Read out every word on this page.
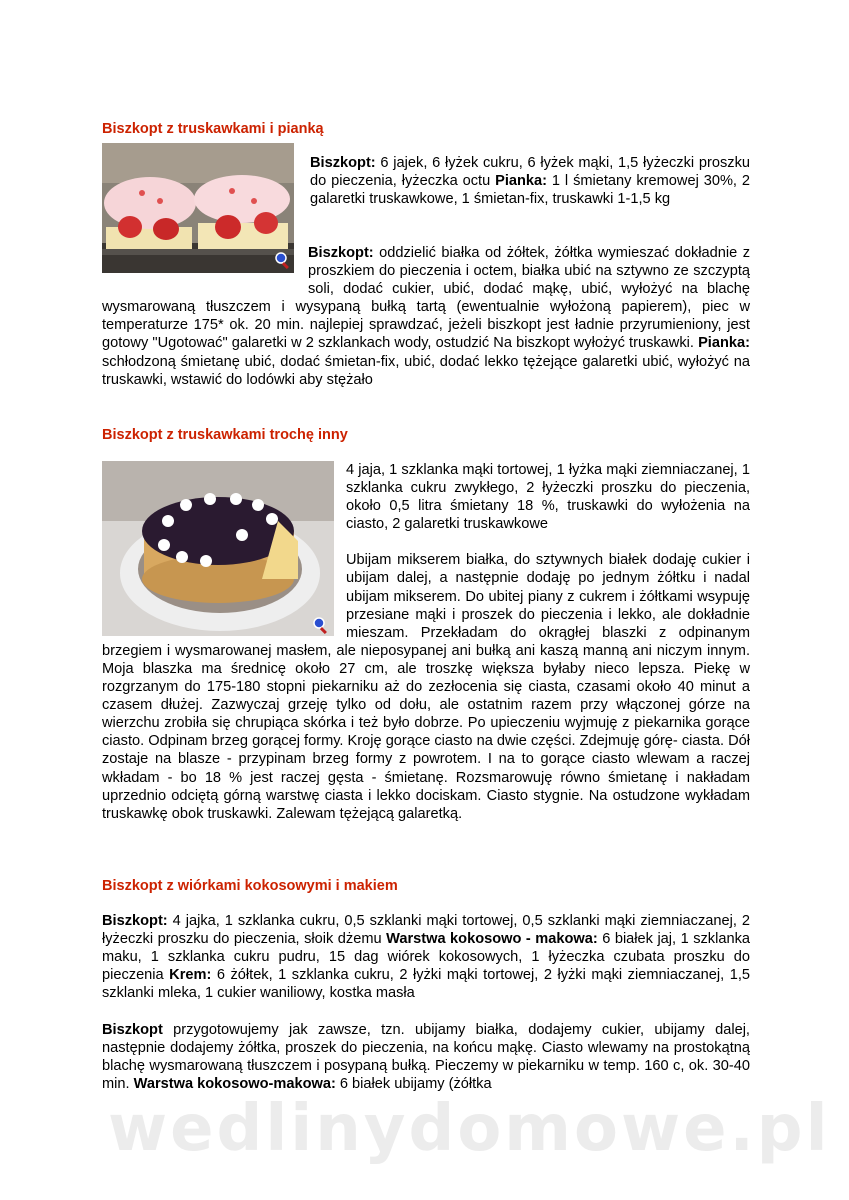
Biszkopt z truskawkami i pianką
Biszkopt: 6 jajek, 6 łyżek cukru, 6 łyżek mąki, 1,5 łyżeczki proszku do pieczenia, łyżeczka octu Pianka: 1 l śmietany kremowej 30%, 2 galaretki truskawkowe, 1 śmietan-fix, truskawki 1-1,5 kg
Biszkopt: oddzielić białka od żółtek, żółtka wymieszać dokładnie z proszkiem do pieczenia i octem, białka ubić na sztywno ze szczyptą soli, dodać cukier, ubić, dodać mąkę, ubić, wyłożyć na blachę wysmarowaną tłuszczem i wysypaną bułką tartą (ewentualnie wyłożoną papierem), piec w temperaturze 175* ok. 20 min. najlepiej sprawdzać, jeżeli biszkopt jest ładnie przyrumieniony, jest gotowy "Ugotować" galaretki w 2 szklankach wody, ostudzić Na biszkopt wyłożyć truskawki. Pianka: schłodzoną śmietanę ubić, dodać śmietan-fix, ubić, dodać lekko tężejące galaretki ubić, wyłożyć na truskawki, wstawić do lodówki aby stężało
Biszkopt z truskawkami trochę inny
4 jaja, 1 szklanka mąki tortowej, 1 łyżka mąki ziemniaczanej, 1 szklanka cukru zwykłego, 2 łyżeczki proszku do pieczenia, około 0,5 litra śmietany 18 %, truskawki do wyłożenia na ciasto, 2 galaretki truskawkowe
Ubijam mikserem białka, do sztywnych białek dodaję cukier i ubijam dalej, a następnie dodaję po jednym żółtku i nadal ubijam mikserem. Do ubitej piany z cukrem i żółtkami wsypuję przesiane mąki i proszek do pieczenia i lekko, ale dokładnie mieszam. Przekładam do okrągłej blaszki z odpinanym brzegiem i wysmarowanej masłem, ale nieposypanej ani bułką ani kaszą manną ani niczym innym. Moja blaszka ma średnicę około 27 cm, ale troszkę większa byłaby nieco lepsza. Piekę w rozgrzanym do 175-180 stopni piekarniku aż do zezłocenia się ciasta, czasami około 40 minut a czasem dłużej. Zazwyczaj grzeję tylko od dołu, ale ostatnim razem przy włączonej górze na wierzchu zrobiła się chrupiąca skórka i też było dobrze. Po upieczeniu wyjmuję z piekarnika gorące ciasto. Odpinam brzeg gorącej formy. Kroję gorące ciasto na dwie części. Zdejmuję górę- ciasta. Dół zostaje na blasze - przypinam brzeg formy z powrotem. I na to gorące ciasto wlewam a raczej wkładam - bo 18 % jest raczej gęsta - śmietanę. Rozsmarowuję równo śmietanę i nakładam uprzednio odciętą górną warstwę ciasta i lekko dociskam. Ciasto stygnie. Na ostudzone wykładam truskawkę obok truskawki. Zalewam tężejącą galaretką.
Biszkopt z wiórkami kokosowymi i makiem
Biszkopt: 4 jajka, 1 szklanka cukru, 0,5 szklanki mąki tortowej, 0,5 szklanki mąki ziemniaczanej, 2 łyżeczki proszku do pieczenia, słoik dżemu Warstwa kokosowo - makowa: 6 białek jaj, 1 szklanka maku, 1 szklanka cukru pudru, 15 dag wiórek kokosowych, 1 łyżeczka czubata proszku do pieczenia Krem: 6 żółtek, 1 szklanka cukru, 2 łyżki mąki tortowej, 2 łyżki mąki ziemniaczanej, 1,5 szklanki mleka, 1 cukier waniliowy, kostka masła
Biszkopt przygotowujemy jak zawsze, tzn. ubijamy białka, dodajemy cukier, ubijamy dalej, następnie dodajemy żółtka, proszek do pieczenia, na końcu mąkę. Ciasto wlewamy na prostokątną blachę wysmarowaną tłuszczem i posypaną bułką. Pieczemy w piekarniku w temp. 160 c, ok. 30-40 min. Warstwa kokosowo-makowa: 6 białek ubijamy (żółtka
wedlinydomowe.pl
